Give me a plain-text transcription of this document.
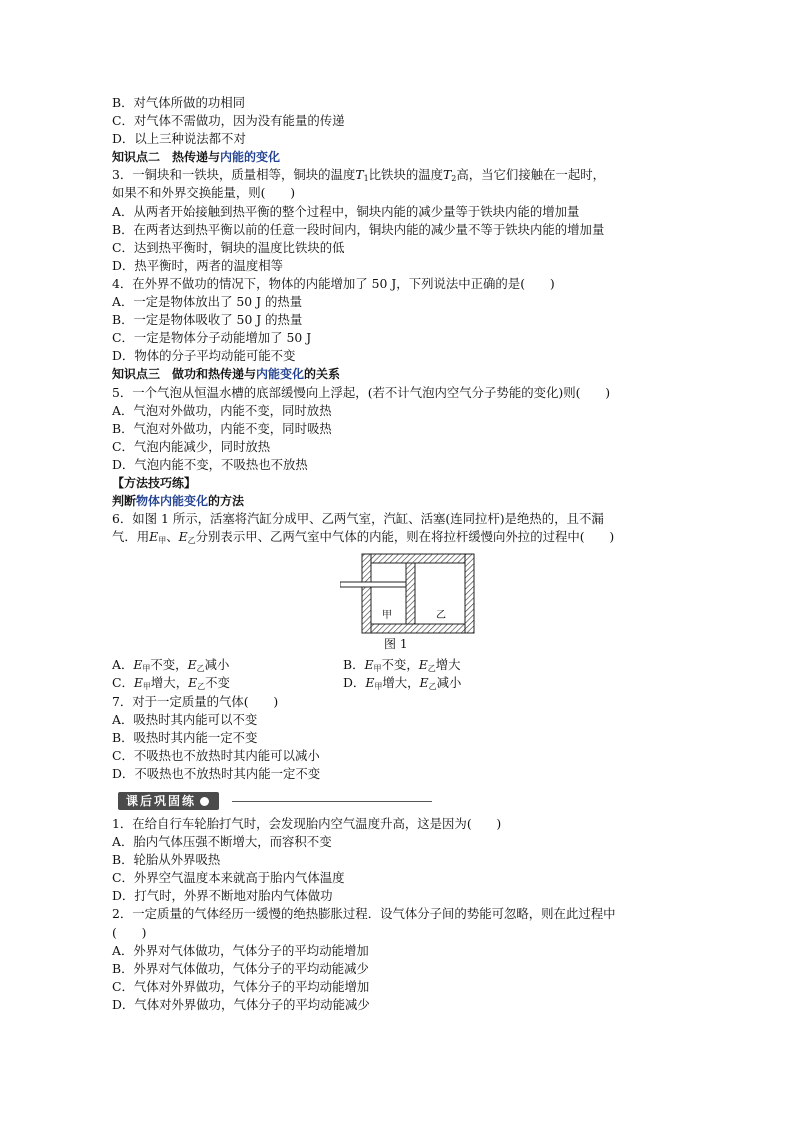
B．对气体所做的功相同
C．对气体不需做功，因为没有能量的传递
D．以上三种说法都不对
知识点二　热传递与内能的变化
3．一铜块和一铁块，质量相等，铜块的温度$T_1$比铁块的温度$T_2$高，当它们接触在一起时，
如果不和外界交换能量，则(　　)
A．从两者开始接触到热平衡的整个过程中，铜块内能的减少量等于铁块内能的增加量
B．在两者达到热平衡以前的任意一段时间内，铜块内能的减少量不等于铁块内能的增加量
C．达到热平衡时，铜块的温度比铁块的低
D．热平衡时，两者的温度相等
4．在外界不做功的情况下，物体的内能增加了 50 J，下列说法中正确的是(　　)
A．一定是物体放出了 50 J 的热量
B．一定是物体吸收了 50 J 的热量
C．一定是物体分子动能增加了 50 J
D．物体的分子平均动能可能不变
知识点三　做功和热传递与内能变化的关系
5．一个气泡从恒温水槽的底部缓慢向上浮起，(若不计气泡内空气分子势能的变化)则(　　)
A．气泡对外做功，内能不变，同时放热
B．气泡对外做功，内能不变，同时吸热
C．气泡内能减少，同时放热
D．气泡内能不变，不吸热也不放热
【方法技巧练】
判断物体内能变化的方法
6．如图 1 所示，活塞将汽缸分成甲、乙两气室，汽缸、活塞(连同拉杆)是绝热的，且不漏
气．用$E_甲$、$E_乙$分别表示甲、乙两气室中气体的内能，则在将拉杆缓慢向外拉的过程中(　　)
甲	乙
图 1
A．$E_甲$不变，$E_乙$减小	B．$E_甲$不变，$E_乙$增大
C．$E_甲$增大，$E_乙$不变	D．$E_甲$增大，$E_乙$减小
7．对于一定质量的气体(　　)
A．吸热时其内能可以不变
B．吸热时其内能一定不变
C．不吸热也不放热时其内能可以减小
D．不吸热也不放热时其内能一定不变
课后巩固练
1．在给自行车轮胎打气时，会发现胎内空气温度升高，这是因为(　　)
A．胎内气体压强不断增大，而容积不变
B．轮胎从外界吸热
C．外界空气温度本来就高于胎内气体温度
D．打气时，外界不断地对胎内气体做功
2．一定质量的气体经历一缓慢的绝热膨胀过程．设气体分子间的势能可忽略，则在此过程中
(　　)
A．外界对气体做功，气体分子的平均动能增加
B．外界对气体做功，气体分子的平均动能减少
C．气体对外界做功，气体分子的平均动能增加
D．气体对外界做功，气体分子的平均动能减少
